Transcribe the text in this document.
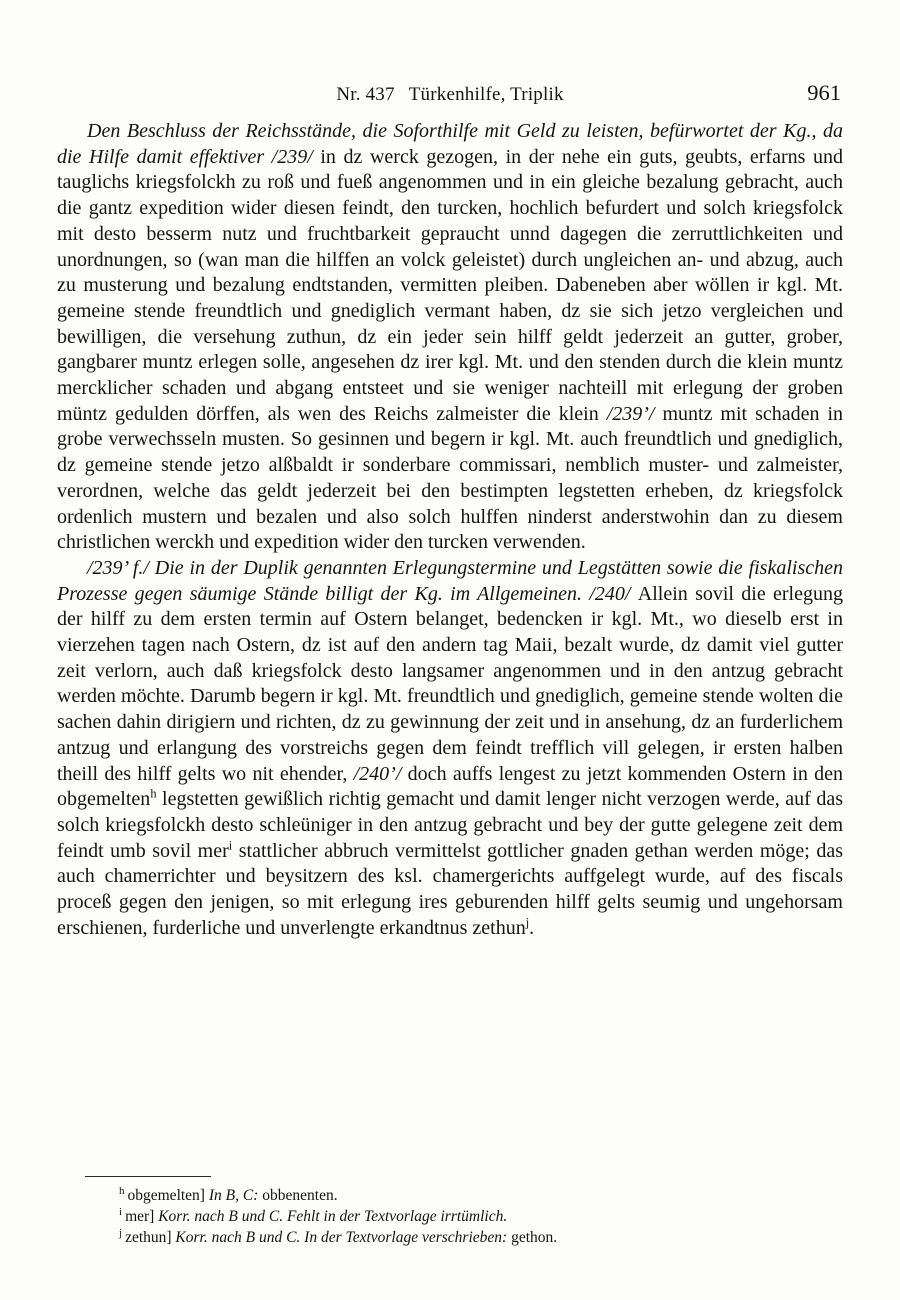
Nr. 437 Türkenhilfe, Triplik	961

Den Beschluss der Reichsstände, die Soforthilfe mit Geld zu leisten, befürwortet der Kg., da die Hilfe damit effektiver /239/ in dz werck gezogen, in der nehe ein guts, geubts, erfarns und tauglichs kriegsfolckh zu roß und fueß angenommen und in ein gleiche bezalung gebracht, auch die gantz expedition wider diesen feindt, den turcken, hochlich befurdert und solch kriegsfolck mit desto besserm nutz und fruchtbarkeit gepraucht unnd dagegen die zerruttlichkeiten und unordnungen, so (wan man die hilffen an volck geleistet) durch ungleichen an- und abzug, auch zu musterung und bezalung endtstanden, vermitten pleiben. Dabeneben aber wöllen ir kgl. Mt. gemeine stende freundtlich und gnediglich vermant haben, dz sie sich jetzo vergleichen und bewilligen, die versehung zuthun, dz ein jeder sein hilff geldt jederzeit an gutter, grober, gangbarer muntz erlegen solle, angesehen dz irer kgl. Mt. und den stenden durch die klein muntz mercklicher schaden und abgang entsteet und sie weniger nachteill mit erlegung der groben müntz gedulden dörffen, als wen des Reichs zalmeister die klein /239’/ muntz mit schaden in grobe verwechsseln musten. So gesinnen und begern ir kgl. Mt. auch freundtlich und gnediglich, dz gemeine stende jetzo alßbaldt ir sonderbare commissari, nemblich muster- und zalmeister, verordnen, welche das geldt jederzeit bei den bestimpten legstetten erheben, dz kriegsfolck ordenlich mustern und bezalen und also solch hulffen ninderst anderstwohin dan zu diesem christlichen werckh und expedition wider den turcken verwenden.

/239’ f./ Die in der Duplik genannten Erlegungstermine und Legstätten sowie die fiskalischen Prozesse gegen säumige Stände billigt der Kg. im Allgemeinen. /240/ Allein sovil die erlegung der hilff zu dem ersten termin auf Ostern belanget, bedencken ir kgl. Mt., wo dieselb erst in vierzehen tagen nach Ostern, dz ist auf den andern tag Maii, bezalt wurde, dz damit viel gutter zeit verlorn, auch daß kriegsfolck desto langsamer angenommen und in den antzug gebracht werden möchte. Darumb begern ir kgl. Mt. freundtlich und gnediglich, gemeine stende wolten die sachen dahin dirigiern und richten, dz zu gewinnung der zeit und in ansehung, dz an furderlichem antzug und erlangung des vorstreichs gegen dem feindt trefflich vill gelegen, ir ersten halben theill des hilff gelts wo nit ehender, /240’/ doch auffs lengest zu jetzt kommenden Ostern in den obgemelten$^h$ legstetten gewißlich richtig gemacht und damit lenger nicht verzogen werde, auf das solch kriegsfolckh desto schleüniger in den antzug gebracht und bey der gutte gelegene zeit dem feindt umb sovil mer$^i$ stattlicher abbruch vermittelst gottlicher gnaden gethan werden möge; das auch chamerrichter und beysitzern des ksl. chamergerichts auffgelegt wurde, auf des fiscals proceß gegen den jenigen, so mit erlegung ires geburenden hilff gelts seumig und ungehorsam erschienen, furderliche und unverlengte erkandtnus zethun$^j$.

$^h$ obgemelten] In B, C: obbenenten.
$^i$ mer] Korr. nach B und C. Fehlt in der Textvorlage irrtümlich.
$^j$ zethun] Korr. nach B und C. In der Textvorlage verschrieben: gethon.
